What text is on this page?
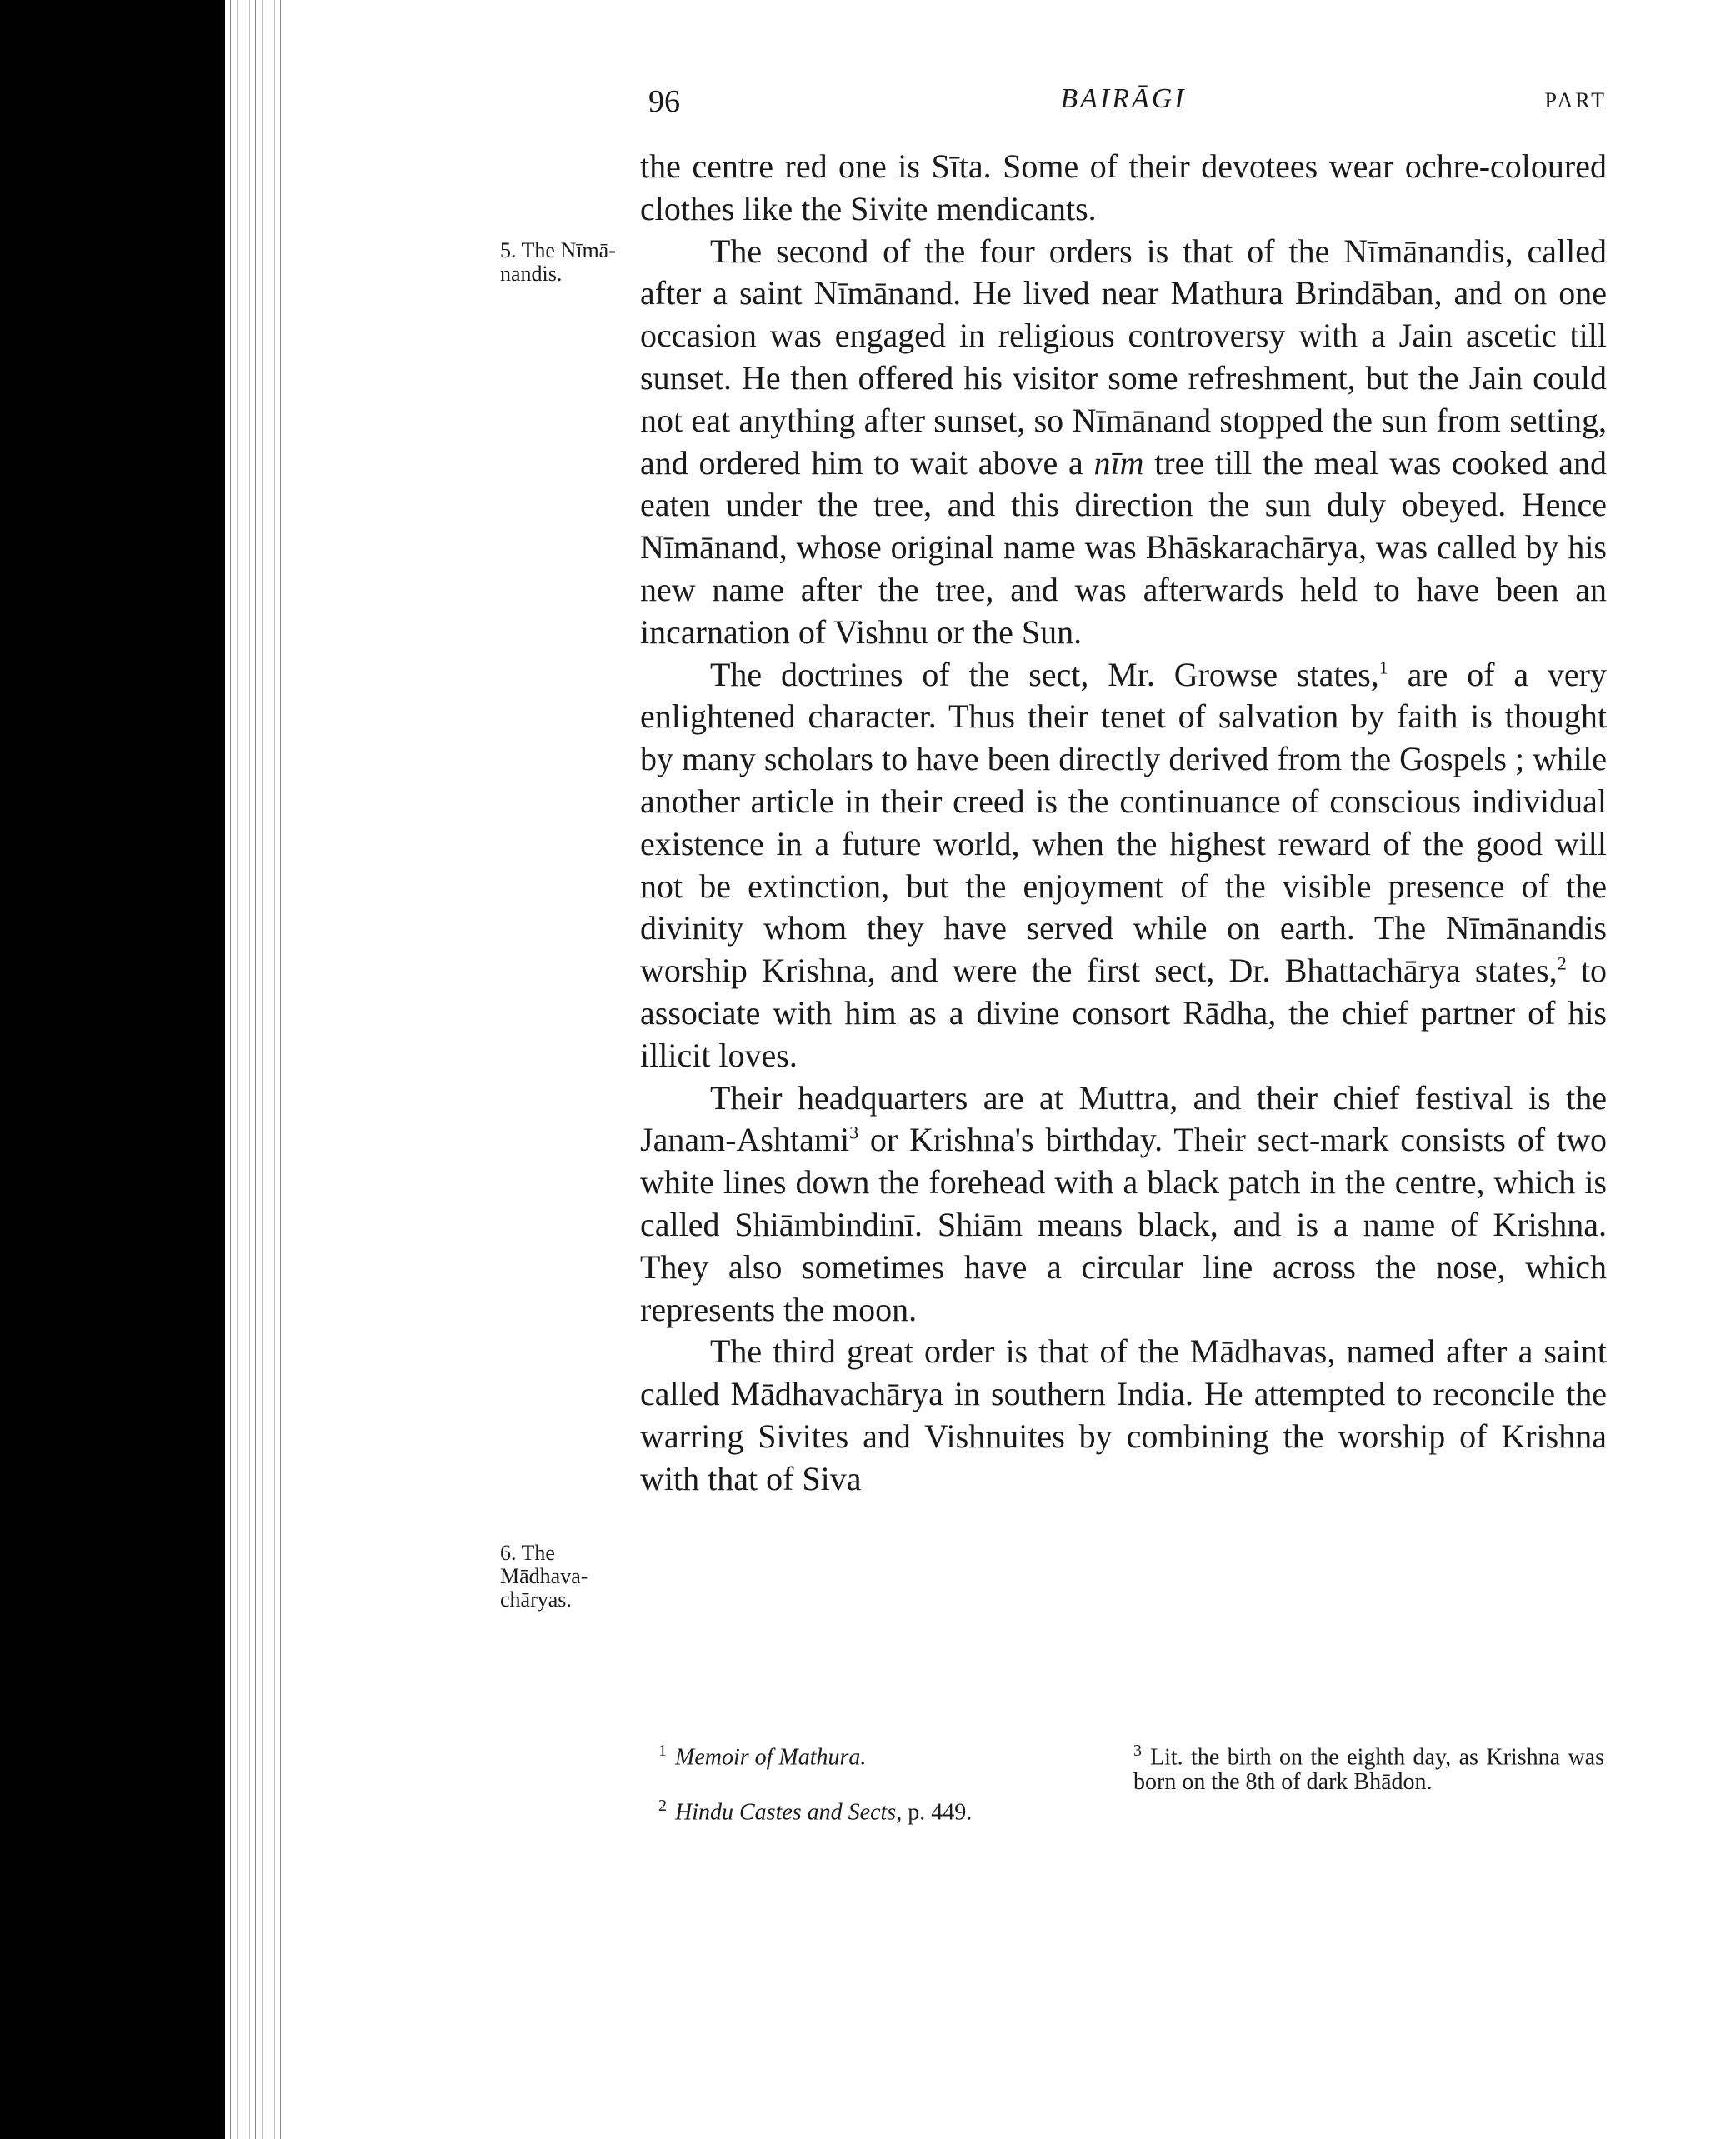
96	BAIRĀGI	PART
5. The Nīmā-nandis.
6. The Mādhava-chāryas.

the centre red one is Sīta. Some of their devotees wear ochre-coloured clothes like the Sivite mendicants.

The second of the four orders is that of the Nīmānandis, called after a saint Nīmānand. He lived near Mathura Brindāban, and on one occasion was engaged in religious controversy with a Jain ascetic till sunset. He then offered his visitor some refreshment, but the Jain could not eat anything after sunset, so Nīmānand stopped the sun from setting, and ordered him to wait above a nīm tree till the meal was cooked and eaten under the tree, and this direction the sun duly obeyed. Hence Nīmānand, whose original name was Bhāskarachārya, was called by his new name after the tree, and was afterwards held to have been an incarnation of Vishnu or the Sun.

The doctrines of the sect, Mr. Growse states,$^1$ are of a very enlightened character. Thus their tenet of salvation by faith is thought by many scholars to have been directly derived from the Gospels ; while another article in their creed is the continuance of conscious individual existence in a future world, when the highest reward of the good will not be extinction, but the enjoyment of the visible presence of the divinity whom they have served while on earth. The Nīmānandis worship Krishna, and were the first sect, Dr. Bhattachārya states,$^2$ to associate with him as a divine consort Rādha, the chief partner of his illicit loves.

Their headquarters are at Muttra, and their chief festival is the Janam-Ashtami$^3$ or Krishna's birthday. Their sect-mark consists of two white lines down the forehead with a black patch in the centre, which is called Shiāmbindinī. Shiām means black, and is a name of Krishna. They also sometimes have a circular line across the nose, which represents the moon.

The third great order is that of the Mādhavas, named after a saint called Mādhavachārya in southern India. He attempted to reconcile the warring Sivites and Vishnuites by combining the worship of Krishna with that of Siva

$^1$ Memoir of Mathura.

$^2$ Hindu Castes and Sects, p. 449.

$^3$ Lit. the birth on the eighth day, as Krishna was born on the 8th of dark Bhādon.
